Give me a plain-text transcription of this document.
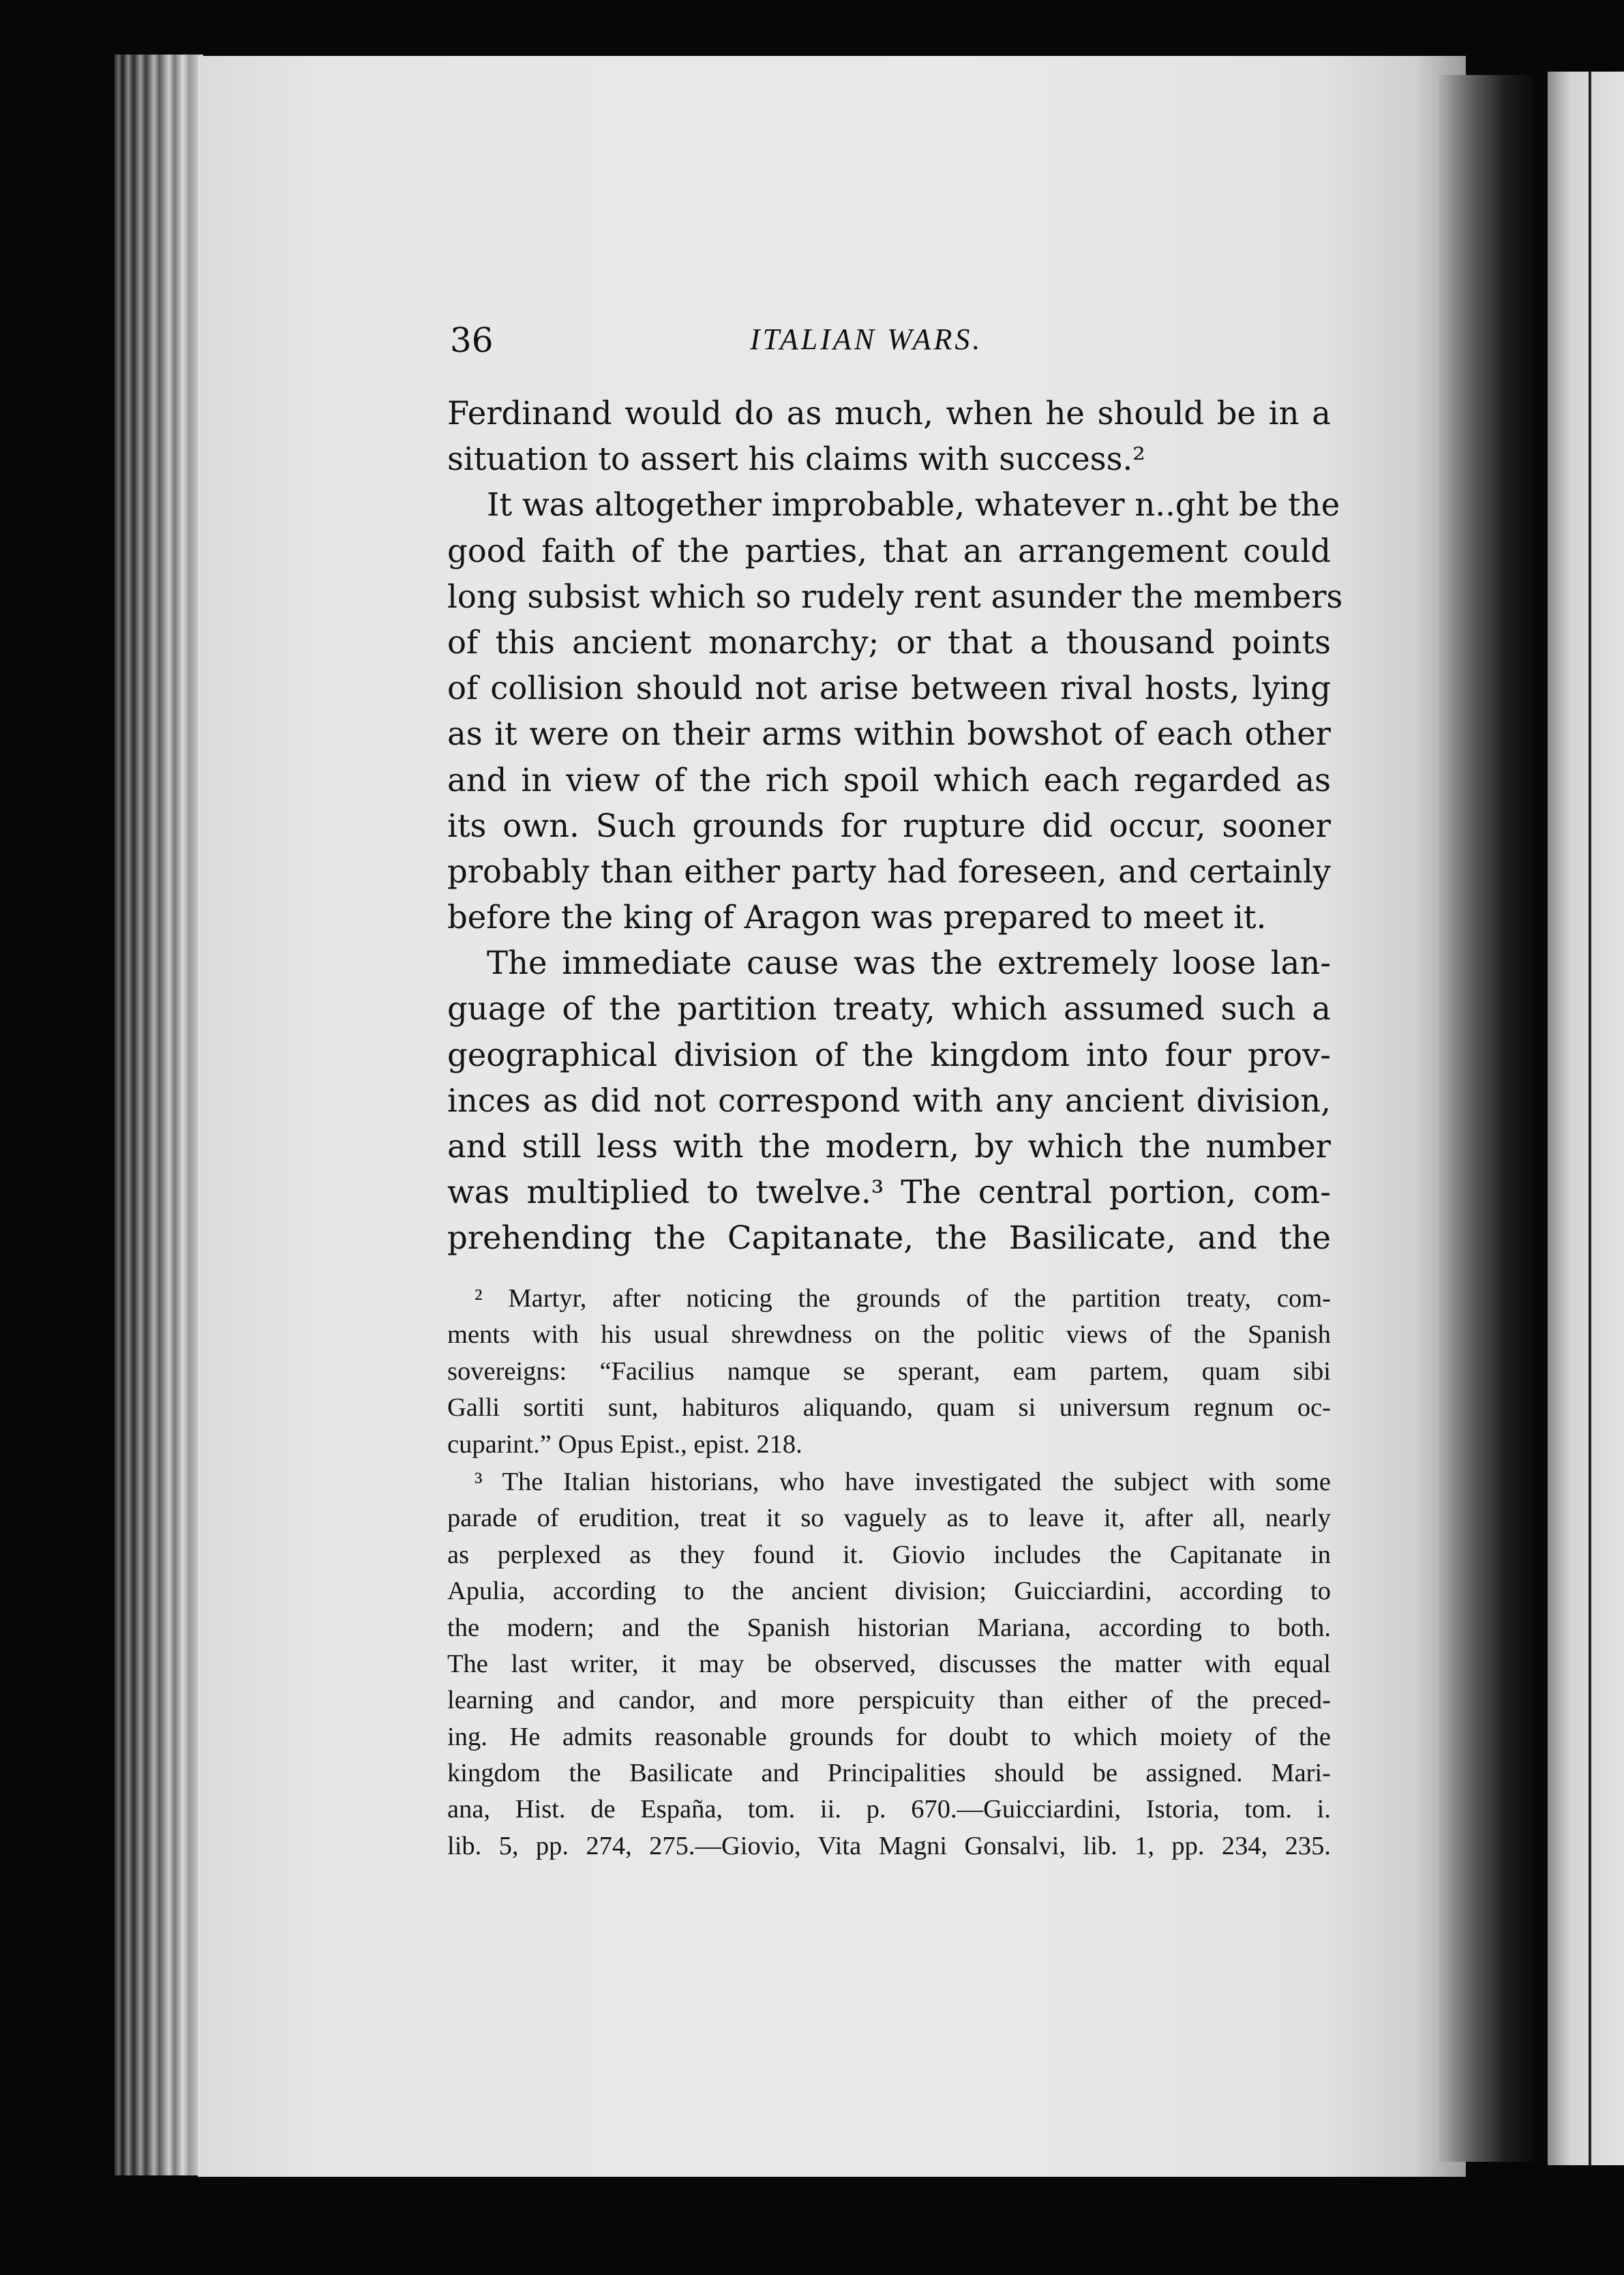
36	ITALIAN WARS.
Ferdinand would do as much, when he should be in a
situation to assert his claims with success.²
It was altogether improbable, whatever n..ght be the
good faith of the parties, that an arrangement could
long subsist which so rudely rent asunder the members
of this ancient monarchy; or that a thousand points
of collision should not arise between rival hosts, lying
as it were on their arms within bowshot of each other
and in view of the rich spoil which each regarded as
its own. Such grounds for rupture did occur, sooner
probably than either party had foreseen, and certainly
before the king of Aragon was prepared to meet it.
The immediate cause was the extremely loose lan-
guage of the partition treaty, which assumed such a
geographical division of the kingdom into four prov-
inces as did not correspond with any ancient division,
and still less with the modern, by which the number
was multiplied to twelve.³ The central portion, com-
prehending the Capitanate, the Basilicate, and the
² Martyr, after noticing the grounds of the partition treaty, com-
ments with his usual shrewdness on the politic views of the Spanish
sovereigns: “Facilius namque se sperant, eam partem, quam sibi
Galli sortiti sunt, habituros aliquando, quam si universum regnum oc-
cuparint.” Opus Epist., epist. 218.
³ The Italian historians, who have investigated the subject with some
parade of erudition, treat it so vaguely as to leave it, after all, nearly
as perplexed as they found it. Giovio includes the Capitanate in
Apulia, according to the ancient division; Guicciardini, according to
the modern; and the Spanish historian Mariana, according to both.
The last writer, it may be observed, discusses the matter with equal
learning and candor, and more perspicuity than either of the preced-
ing. He admits reasonable grounds for doubt to which moiety of the
kingdom the Basilicate and Principalities should be assigned. Mari-
ana, Hist. de España, tom. ii. p. 670.—Guicciardini, Istoria, tom. i.
lib. 5, pp. 274, 275.—Giovio, Vita Magni Gonsalvi, lib. 1, pp. 234, 235.
